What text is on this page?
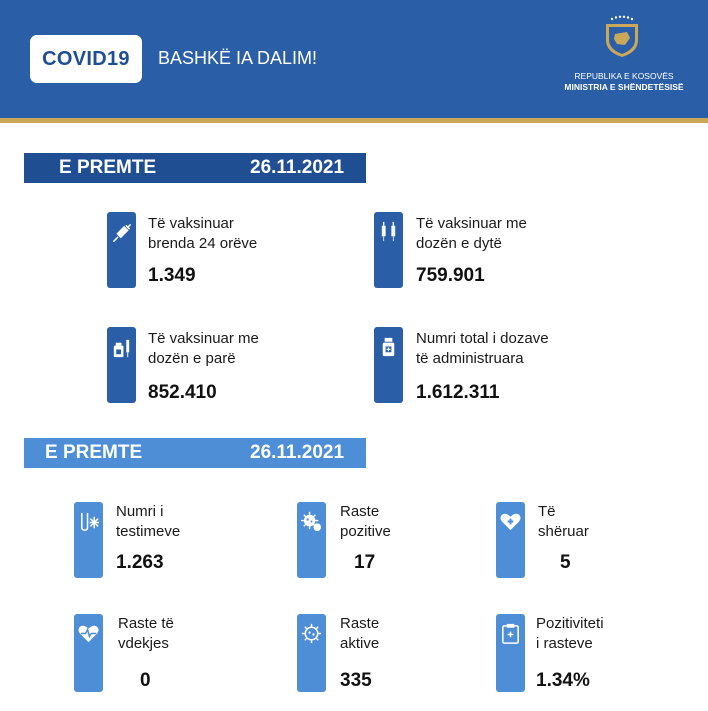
COVID19 BASHKË IA DALIM!
REPUBLIKA E KOSOVËS
MINISTRIA E SHËNDETËSISË
E PREMTE	26.11.2021
Të vaksinuar
brenda 24 orëve
1.349
Të vaksinuar me
dozën e dytë
759.901
Të vaksinuar me
dozën e parë
852.410
Numri total i dozave
të administruara
1.612.311
E PREMTE	26.11.2021
Numri i
testimeve
1.263
Raste
pozitive
17
Të
shëruar
5
Raste të
vdekjes
0
Raste
aktive
335
Pozitiviteti
i rasteve
1.34%
